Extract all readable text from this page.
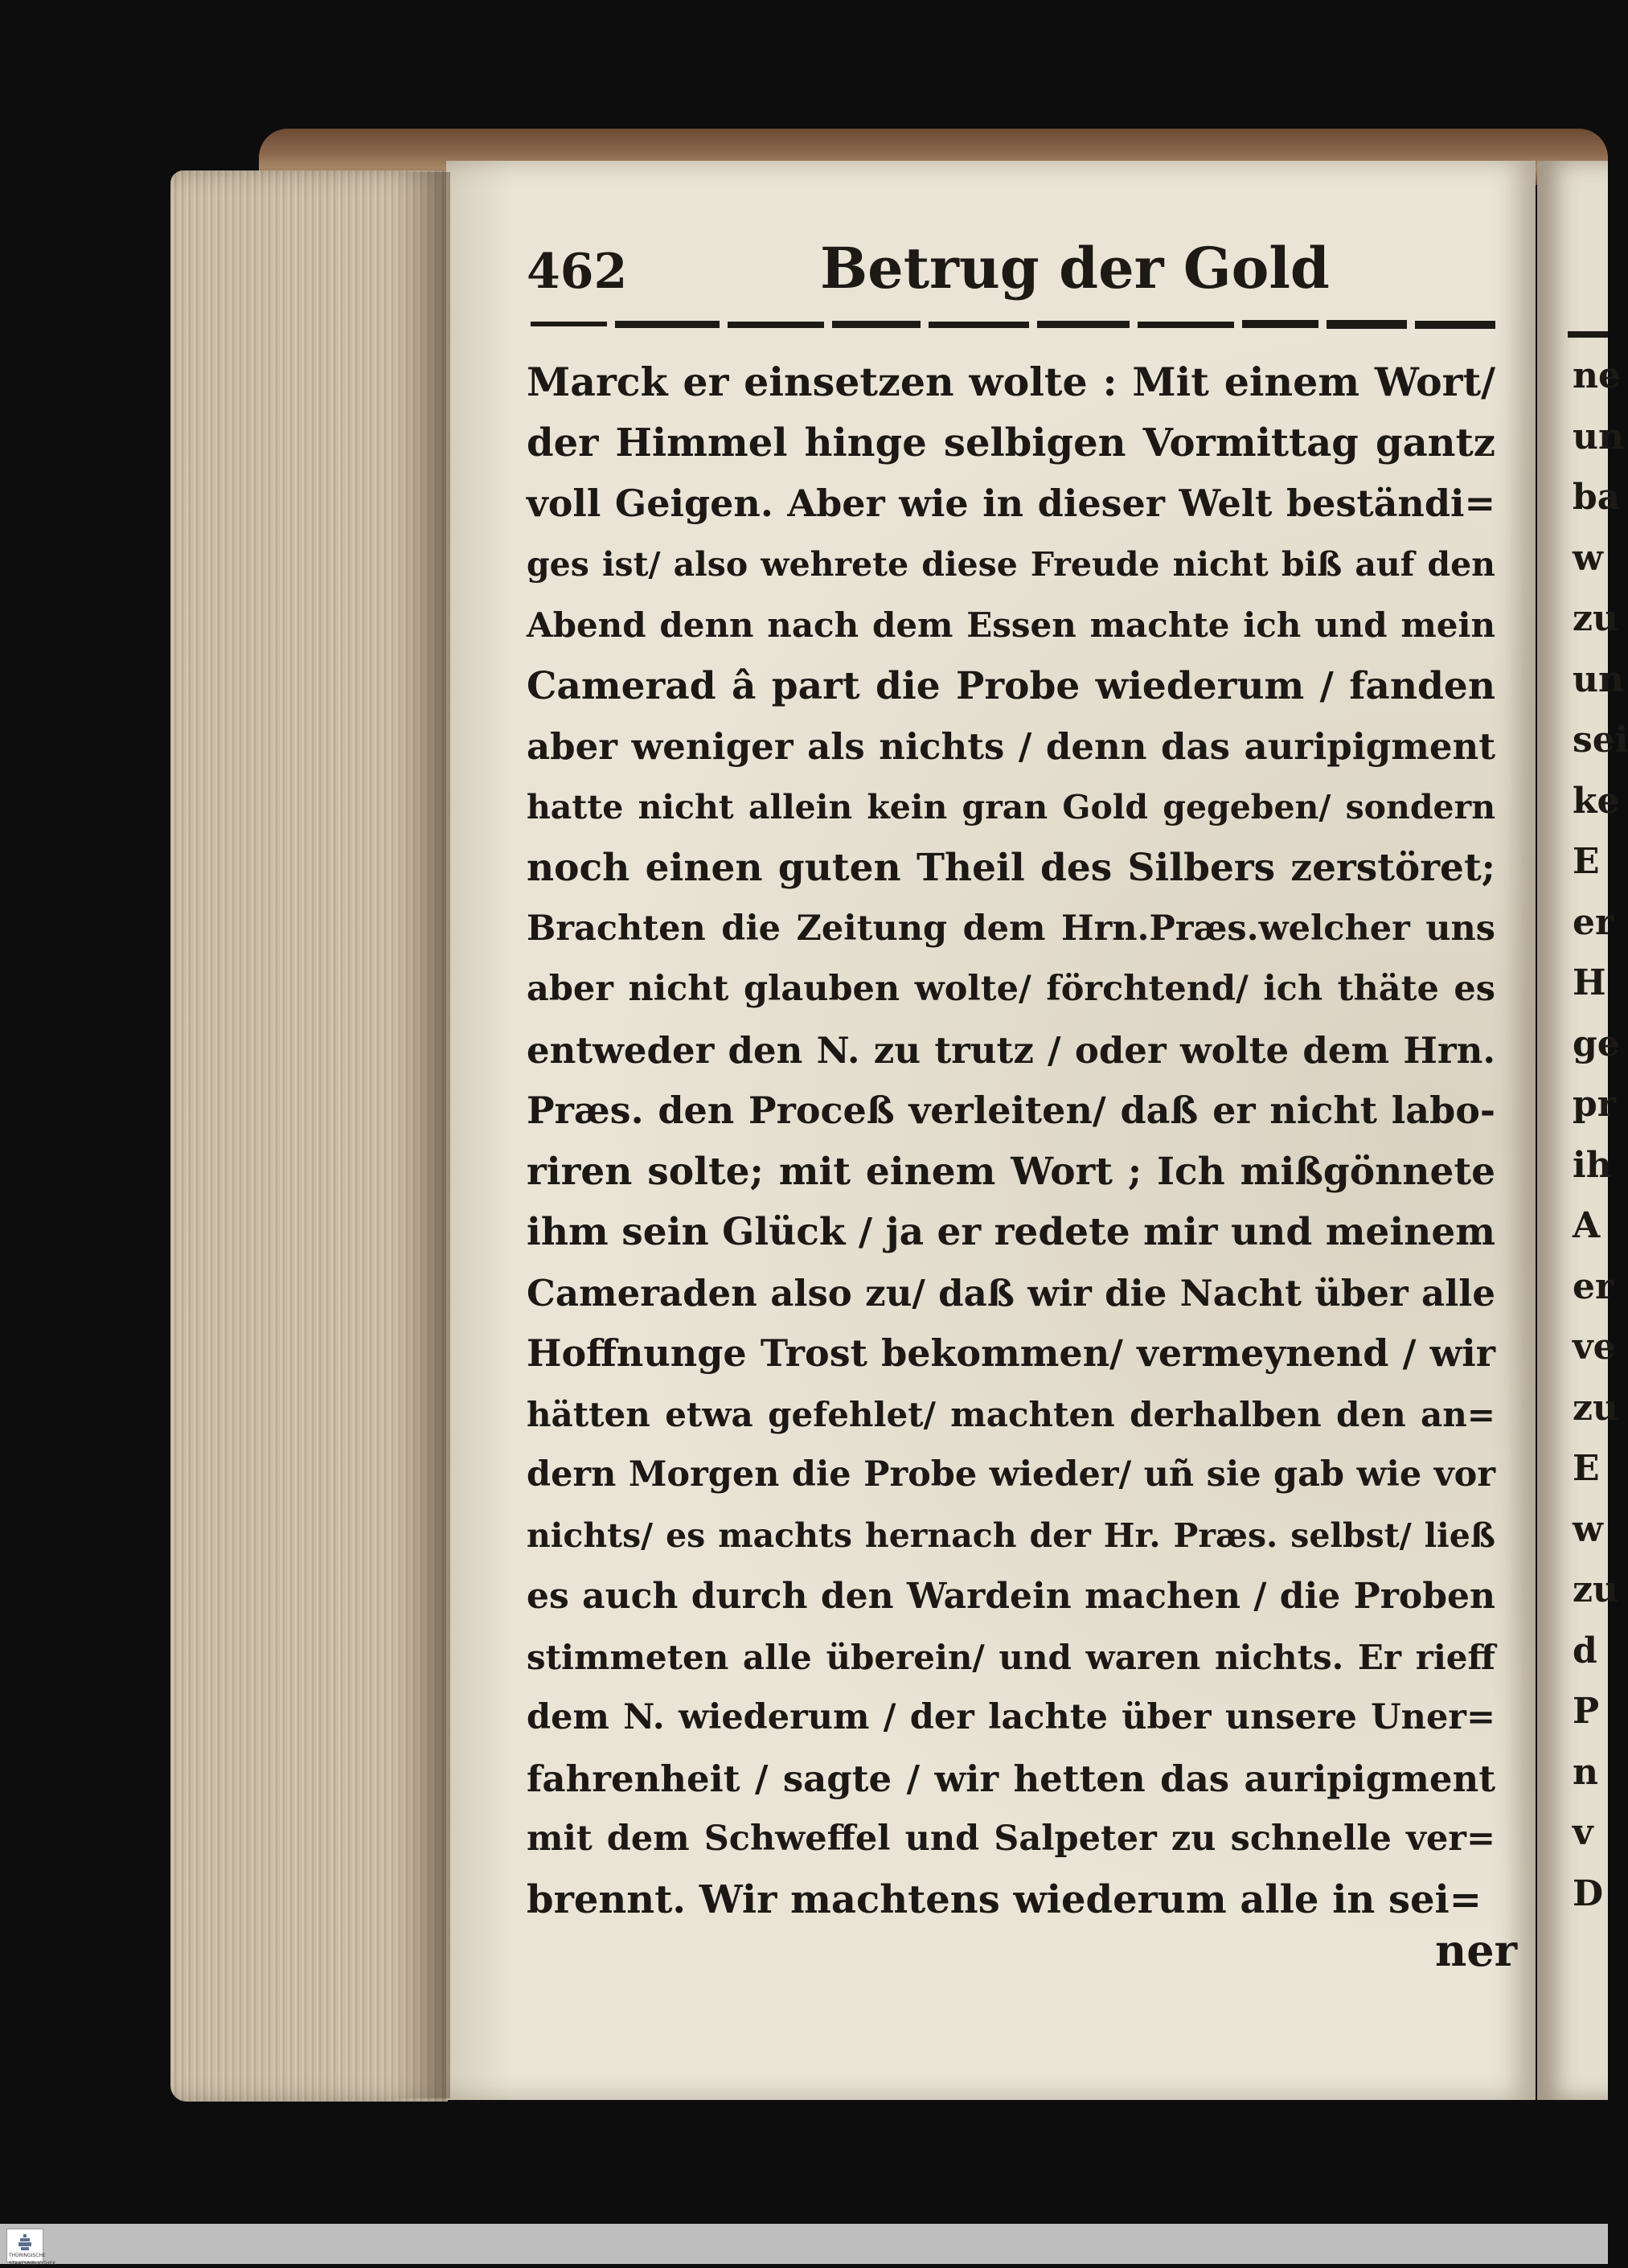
462	Betrug der Gold
Marck er einsetzen wolte : Mit einem Wort/
der Himmel hinge selbigen Vormittag gantz
voll Geigen. Aber wie in dieser Welt beständi=
ges ist/ also wehrete diese Freude nicht biß auf den
Abend denn nach dem Essen machte ich und mein
Camerad â part die Probe wiederum / fanden
aber weniger als nichts / denn das auripigment
hatte nicht allein kein gran Gold gegeben/ sondern
noch einen guten Theil des Silbers zerstöret;
Brachten die Zeitung dem Hrn.Præs.welcher uns
aber nicht glauben wolte/ förchtend/ ich thäte es
entweder den N. zu trutz / oder wolte dem Hrn.
Præs. den Proceß verleiten/ daß er nicht labo-
riren solte; mit einem Wort ; Ich mißgönnete
ihm sein Glück / ja er redete mir und meinem
Cameraden also zu/ daß wir die Nacht über alle
Hoffnunge Trost bekommen/ vermeynend / wir
hätten etwa gefehlet/ machten derhalben den an=
dern Morgen die Probe wieder/ uñ sie gab wie vor
nichts/ es machts hernach der Hr. Præs. selbst/ ließ
es auch durch den Wardein machen / die Proben
stimmeten alle überein/ und waren nichts. Er rieff
dem N. wiederum / der lachte über unsere Uner=
fahrenheit / sagte / wir hetten das auripigment
mit dem Schweffel und Salpeter zu schnelle ver=
brennt. Wir machtens wiederum alle in sei=
ner
ne
un
ba
w
zu
un
sei
ke
E
er
H
ge
pr
ih
A
er
ve
zu
E
w
zu
d
P
n
v
D
THÜRINGISCHE STAATSBIBLIOTHEK
